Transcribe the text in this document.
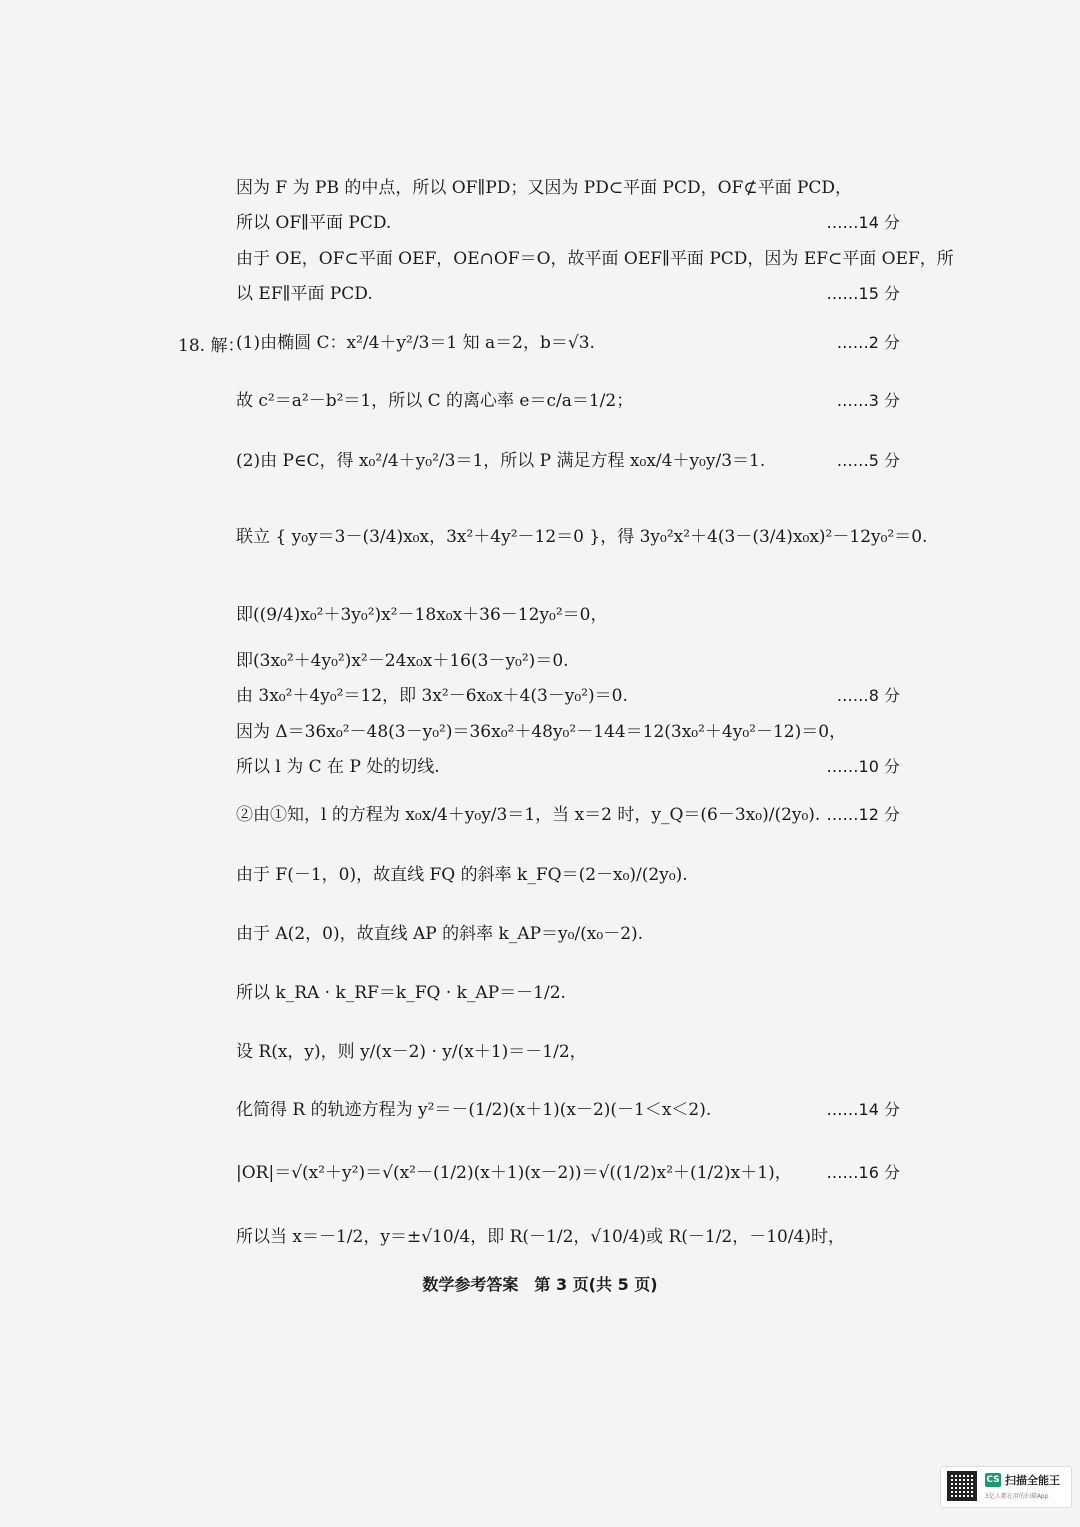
因为 F 为 PB 的中点，所以 OF∥PD；又因为 PD⊂平面 PCD，OF⊄平面 PCD，
所以 OF∥平面 PCD.	……14 分
由于 OE，OF⊂平面 OEF，OE∩OF＝O，故平面 OEF∥平面 PCD，因为 EF⊂平面 OEF，所
以 EF∥平面 PCD.	……15 分
18. 解：
(1)由椭圆 C：x²/4＋y²/3＝1 知 a＝2，b＝√3.	……2 分
故 c²＝a²－b²＝1，所以 C 的离心率 e＝c/a＝1/2；	……3 分
(2)由 P∈C，得 x₀²/4＋y₀²/3＝1，所以 P 满足方程 x₀x/4＋y₀y/3＝1.	……5 分
联立 { y₀y＝3－(3/4)x₀x，3x²＋4y²－12＝0 }，得 3y₀²x²＋4(3－(3/4)x₀x)²－12y₀²＝0.
即((9/4)x₀²＋3y₀²)x²－18x₀x＋36－12y₀²＝0，
即(3x₀²＋4y₀²)x²－24x₀x＋16(3－y₀²)＝0.
由 3x₀²＋4y₀²＝12，即 3x²－6x₀x＋4(3－y₀²)＝0.	……8 分
因为 Δ＝36x₀²－48(3－y₀²)＝36x₀²＋48y₀²－144＝12(3x₀²＋4y₀²－12)＝0，
所以 l 为 C 在 P 处的切线.	……10 分
②由①知，l 的方程为 x₀x/4＋y₀y/3＝1，当 x＝2 时，y_Q＝(6－3x₀)/(2y₀). ……12 分
由于 F(－1，0)，故直线 FQ 的斜率 k_FQ＝(2－x₀)/(2y₀).
由于 A(2，0)，故直线 AP 的斜率 k_AP＝y₀/(x₀－2).
所以 k_RA · k_RF＝k_FQ · k_AP＝－1/2.
设 R(x，y)，则 y/(x－2) · y/(x＋1)＝－1/2，
化简得 R 的轨迹方程为 y²＝－(1/2)(x＋1)(x－2)(－1＜x＜2).	……14 分
|OR|＝√(x²＋y²)＝√(x²－(1/2)(x＋1)(x－2))＝√((1/2)x²＋(1/2)x＋1)， ……16 分
所以当 x＝－1/2，y＝±√10/4，即 R(－1/2，√10/4)或 R(－1/2，－10/4)时，
数学参考答案　第 3 页(共 5 页)
CS 扫描全能王
3亿人都在用的扫描App
